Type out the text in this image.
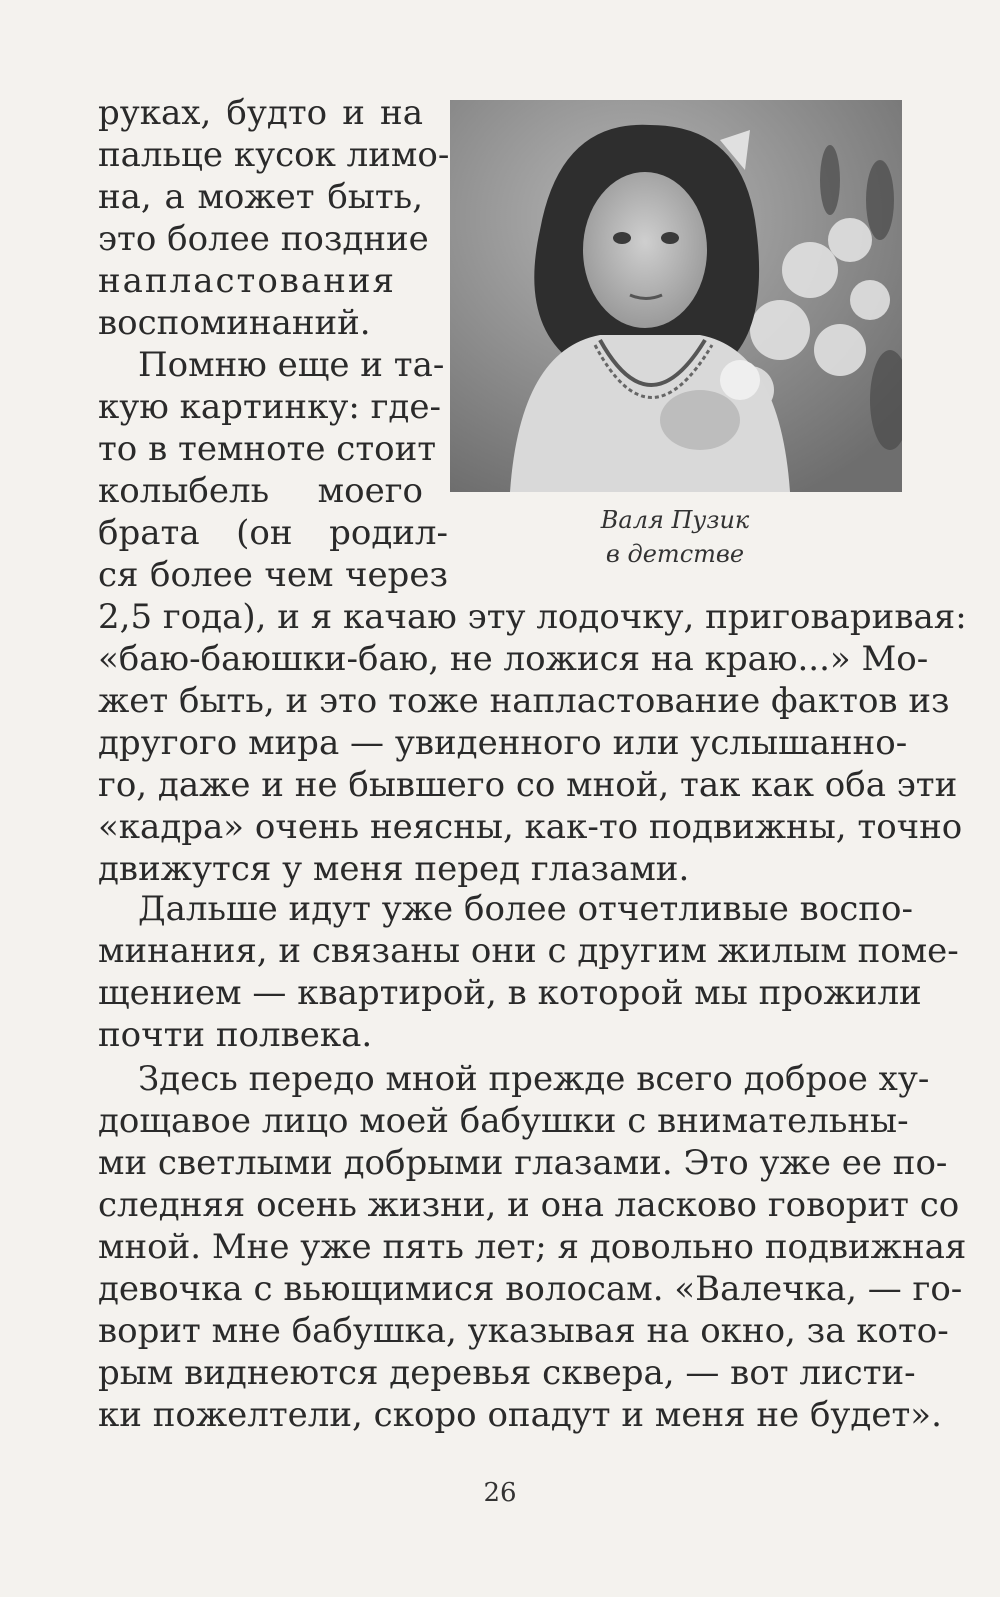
Валя Пузик
в детстве
руках, будто и на
пальце кусок лимо-
на, а может быть,
это более поздние
напластования
воспоминаний.
Помню еще и та-
кую картинку: где-
то в темноте стоит
колыбель моего
брата (он родил-
ся более чем через
2,5 года), и я качаю эту лодочку, приговаривая:
«баю-баюшки-баю, не ложися на краю...» Мо-
жет быть, и это тоже напластование фактов из
другого мира — увиденного или услышанно-
го, даже и не бывшего со мной, так как оба эти
«кадра» очень неясны, как-то подвижны, точно
движутся у меня перед глазами.
Дальше идут уже более отчетливые воспо-
минания, и связаны они с другим жилым поме-
щением — квартирой, в которой мы прожили
почти полвека.
Здесь передо мной прежде всего доброе ху-
дощавое лицо моей бабушки с внимательны-
ми светлыми добрыми глазами. Это уже ее по-
следняя осень жизни, и она ласково говорит со
мной. Мне уже пять лет; я довольно подвижная
девочка с вьющимися волосам. «Валечка, — го-
ворит мне бабушка, указывая на окно, за кото-
рым виднеются деревья сквера, — вот листи-
ки пожелтели, скоро опадут и меня не будет».
26
